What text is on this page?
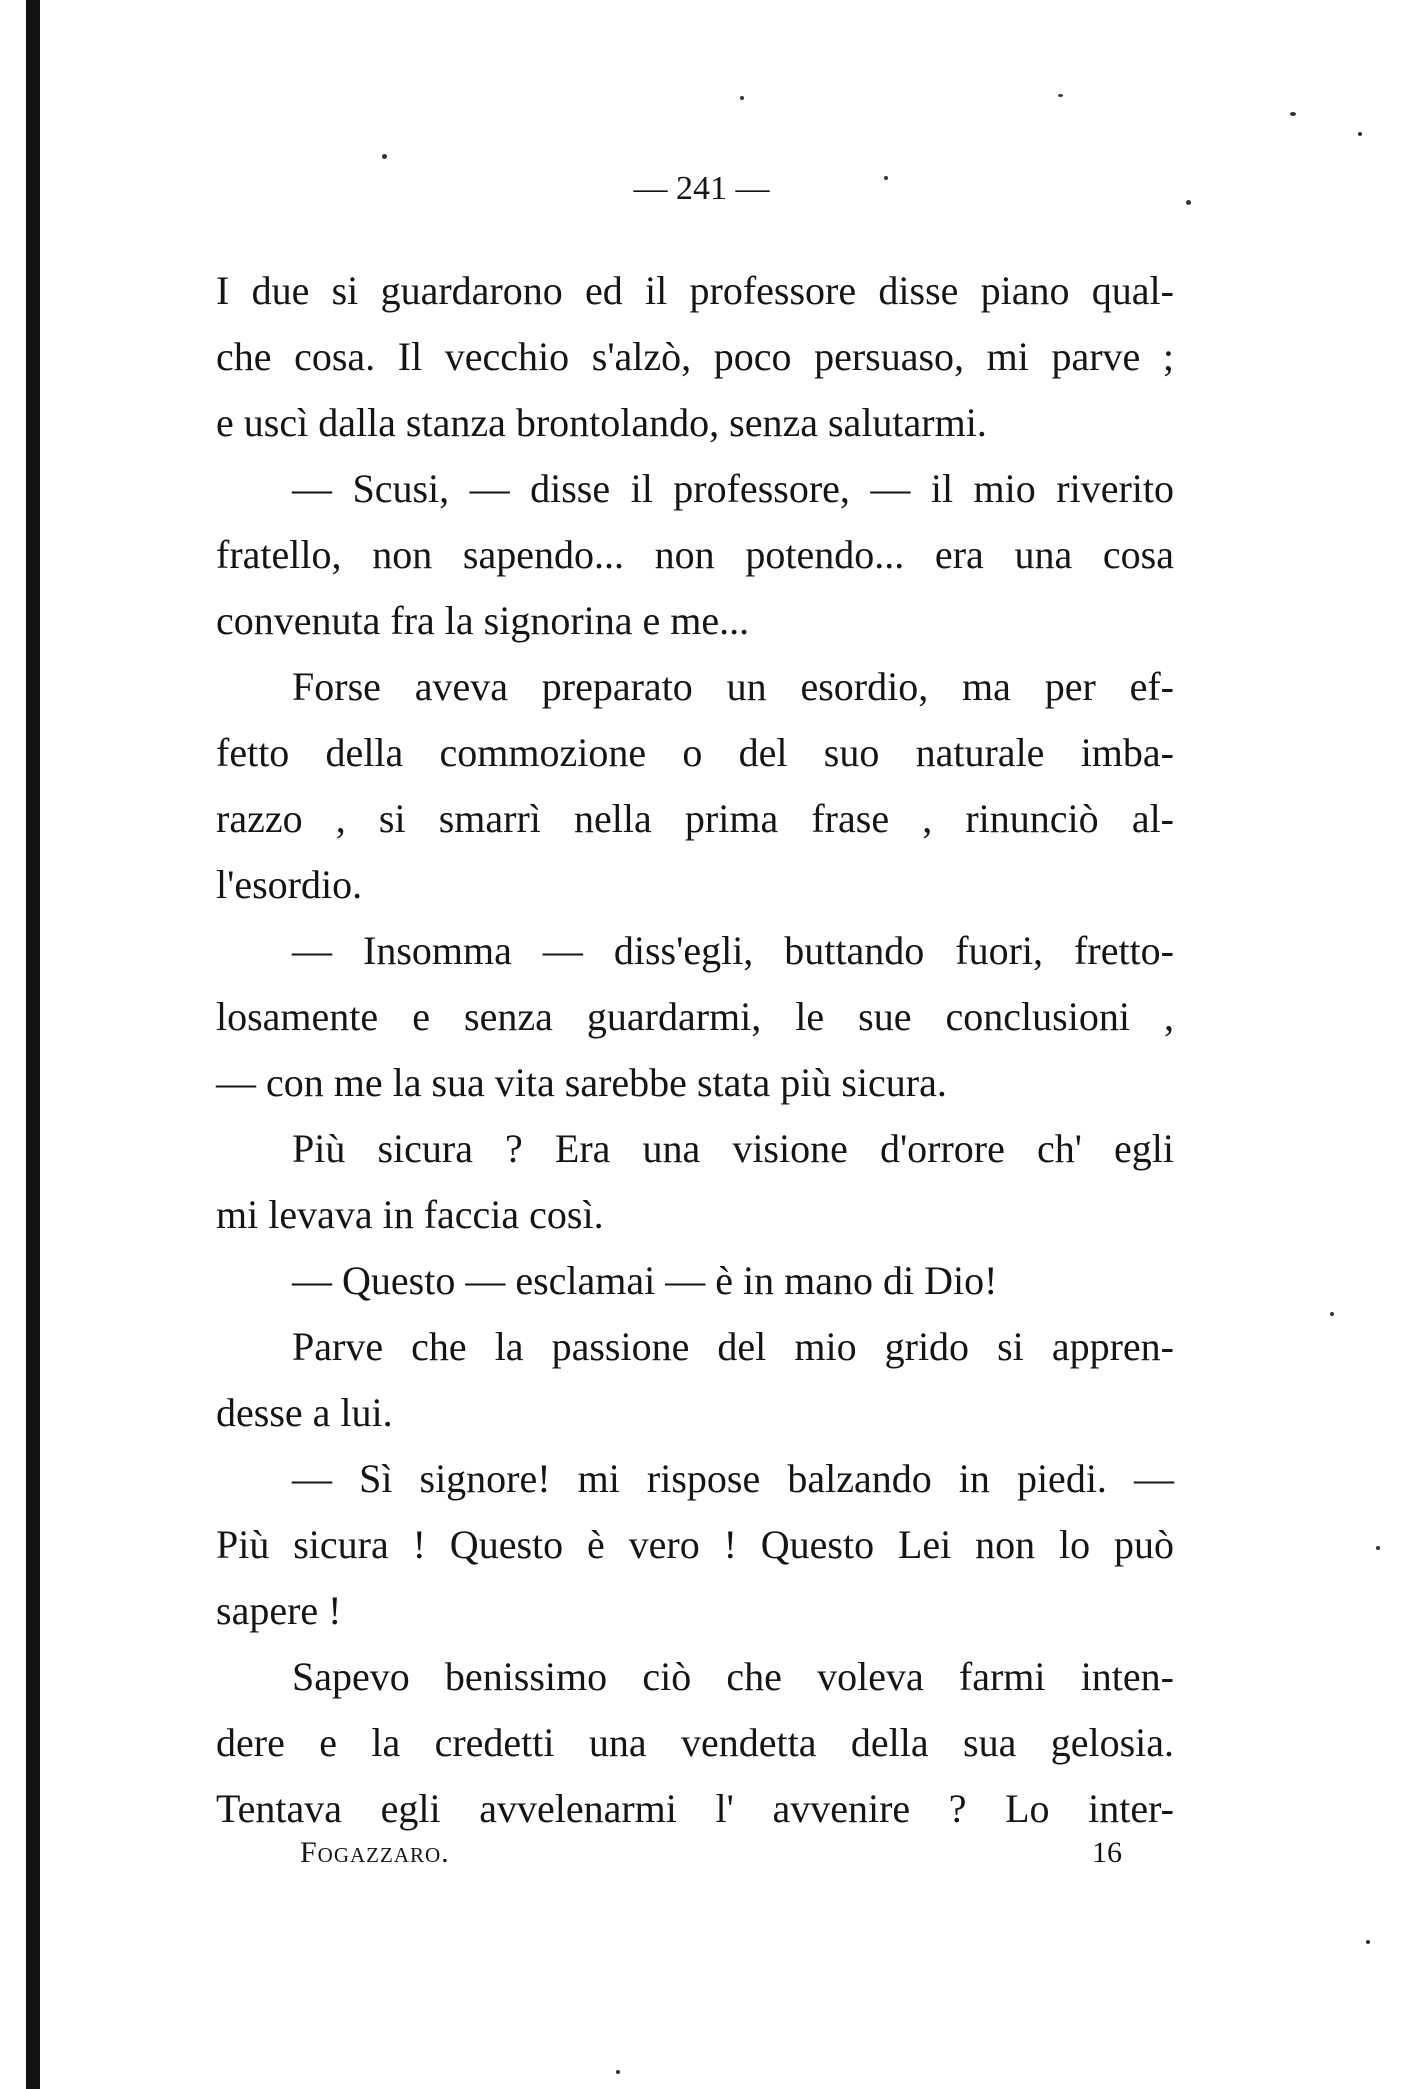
— 241 —
I due si guardarono ed il professore disse piano qual-
che cosa. Il vecchio s'alzò, poco persuaso, mi parve ;
e uscì dalla stanza brontolando, senza salutarmi.
— Scusi, — disse il professore, — il mio riverito
fratello, non sapendo... non potendo... era una cosa
convenuta fra la signorina e me...
Forse aveva preparato un esordio, ma per ef-
fetto della commozione o del suo naturale imba-
razzo , si smarrì nella prima frase , rinunciò al-
l'esordio.
— Insomma — diss'egli, buttando fuori, fretto-
losamente e senza guardarmi, le sue conclusioni ,
— con me la sua vita sarebbe stata più sicura.
Più sicura ? Era una visione d'orrore ch' egli
mi levava in faccia così.
— Questo — esclamai — è in mano di Dio!
Parve che la passione del mio grido si appren-
desse a lui.
— Sì signore! mi rispose balzando in piedi. —
Più sicura ! Questo è vero ! Questo Lei non lo può
sapere !
Sapevo benissimo ciò che voleva farmi inten-
dere e la credetti una vendetta della sua gelosia.
Tentava egli avvelenarmi l' avvenire ? Lo inter-
Fogazzaro.	16
